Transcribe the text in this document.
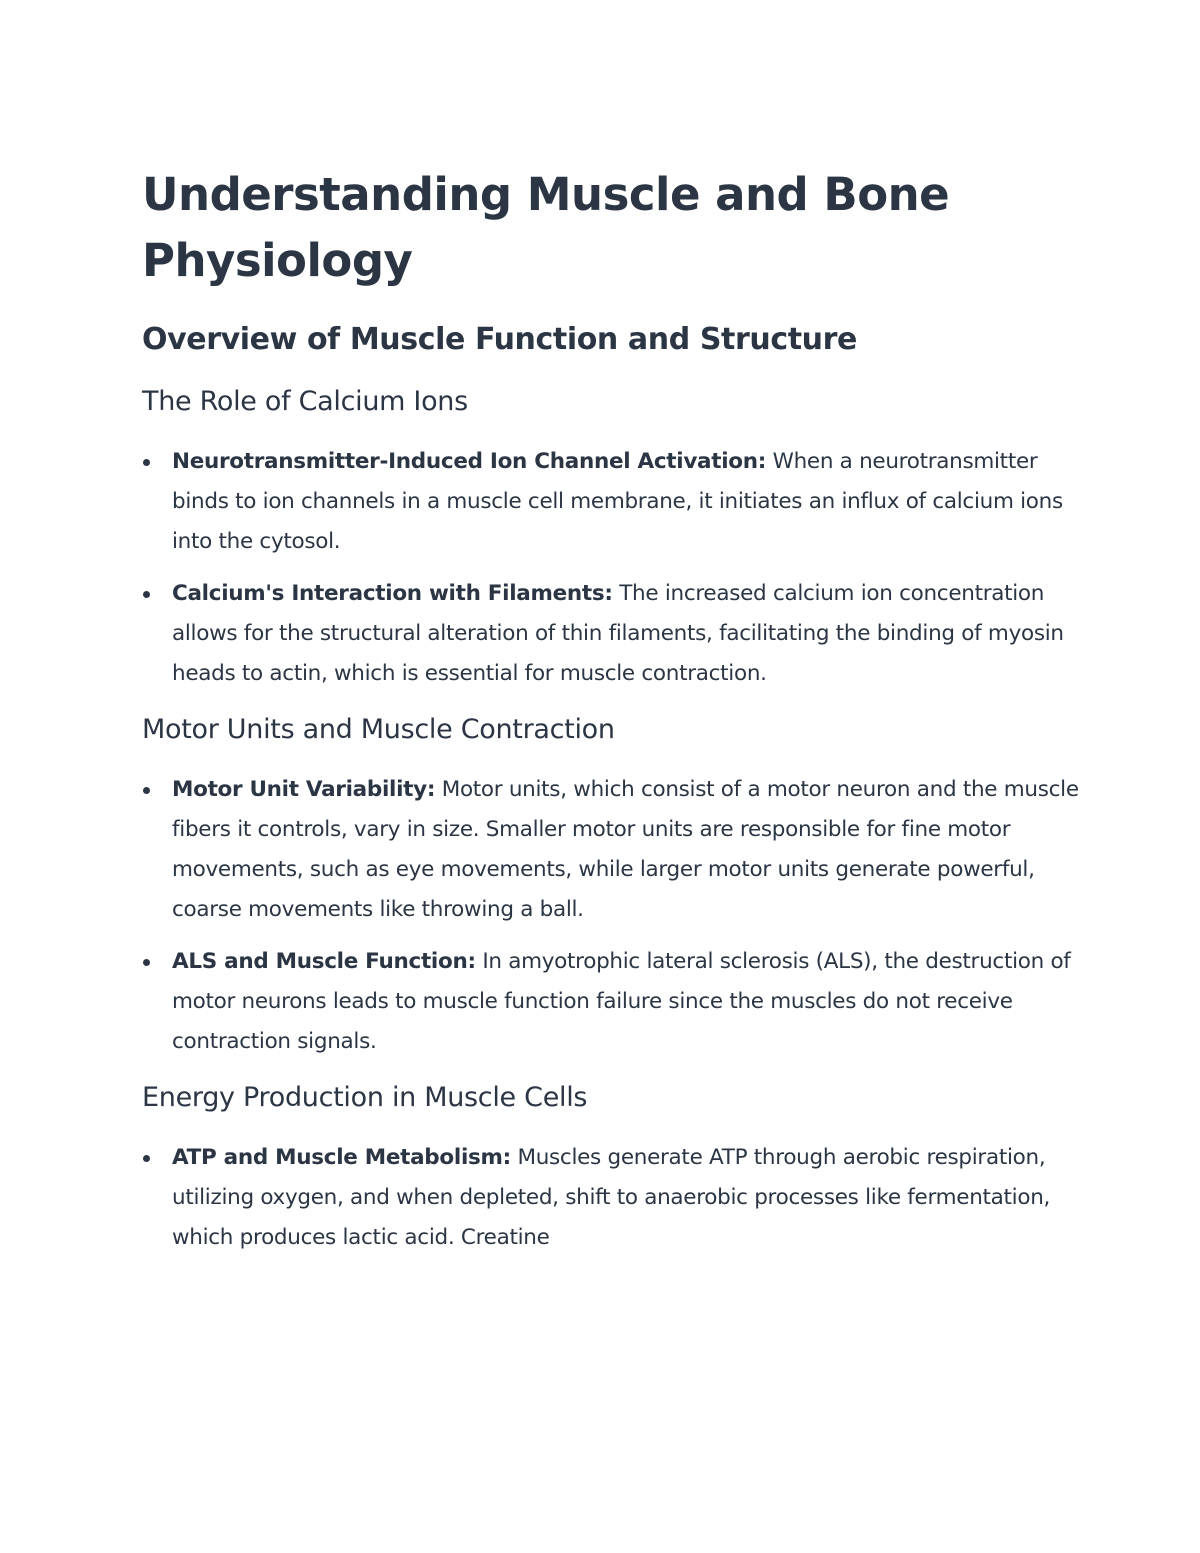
Understanding Muscle and Bone Physiology
Overview of Muscle Function and Structure
The Role of Calcium Ions
Neurotransmitter-Induced Ion Channel Activation: When a neurotransmitter binds to ion channels in a muscle cell membrane, it initiates an influx of calcium ions into the cytosol.
Calcium's Interaction with Filaments: The increased calcium ion concentration allows for the structural alteration of thin filaments, facilitating the binding of myosin heads to actin, which is essential for muscle contraction.
Motor Units and Muscle Contraction
Motor Unit Variability: Motor units, which consist of a motor neuron and the muscle fibers it controls, vary in size. Smaller motor units are responsible for fine motor movements, such as eye movements, while larger motor units generate powerful, coarse movements like throwing a ball.
ALS and Muscle Function: In amyotrophic lateral sclerosis (ALS), the destruction of motor neurons leads to muscle function failure since the muscles do not receive contraction signals.
Energy Production in Muscle Cells
ATP and Muscle Metabolism: Muscles generate ATP through aerobic respiration, utilizing oxygen, and when depleted, shift to anaerobic processes like fermentation, which produces lactic acid. Creatine
